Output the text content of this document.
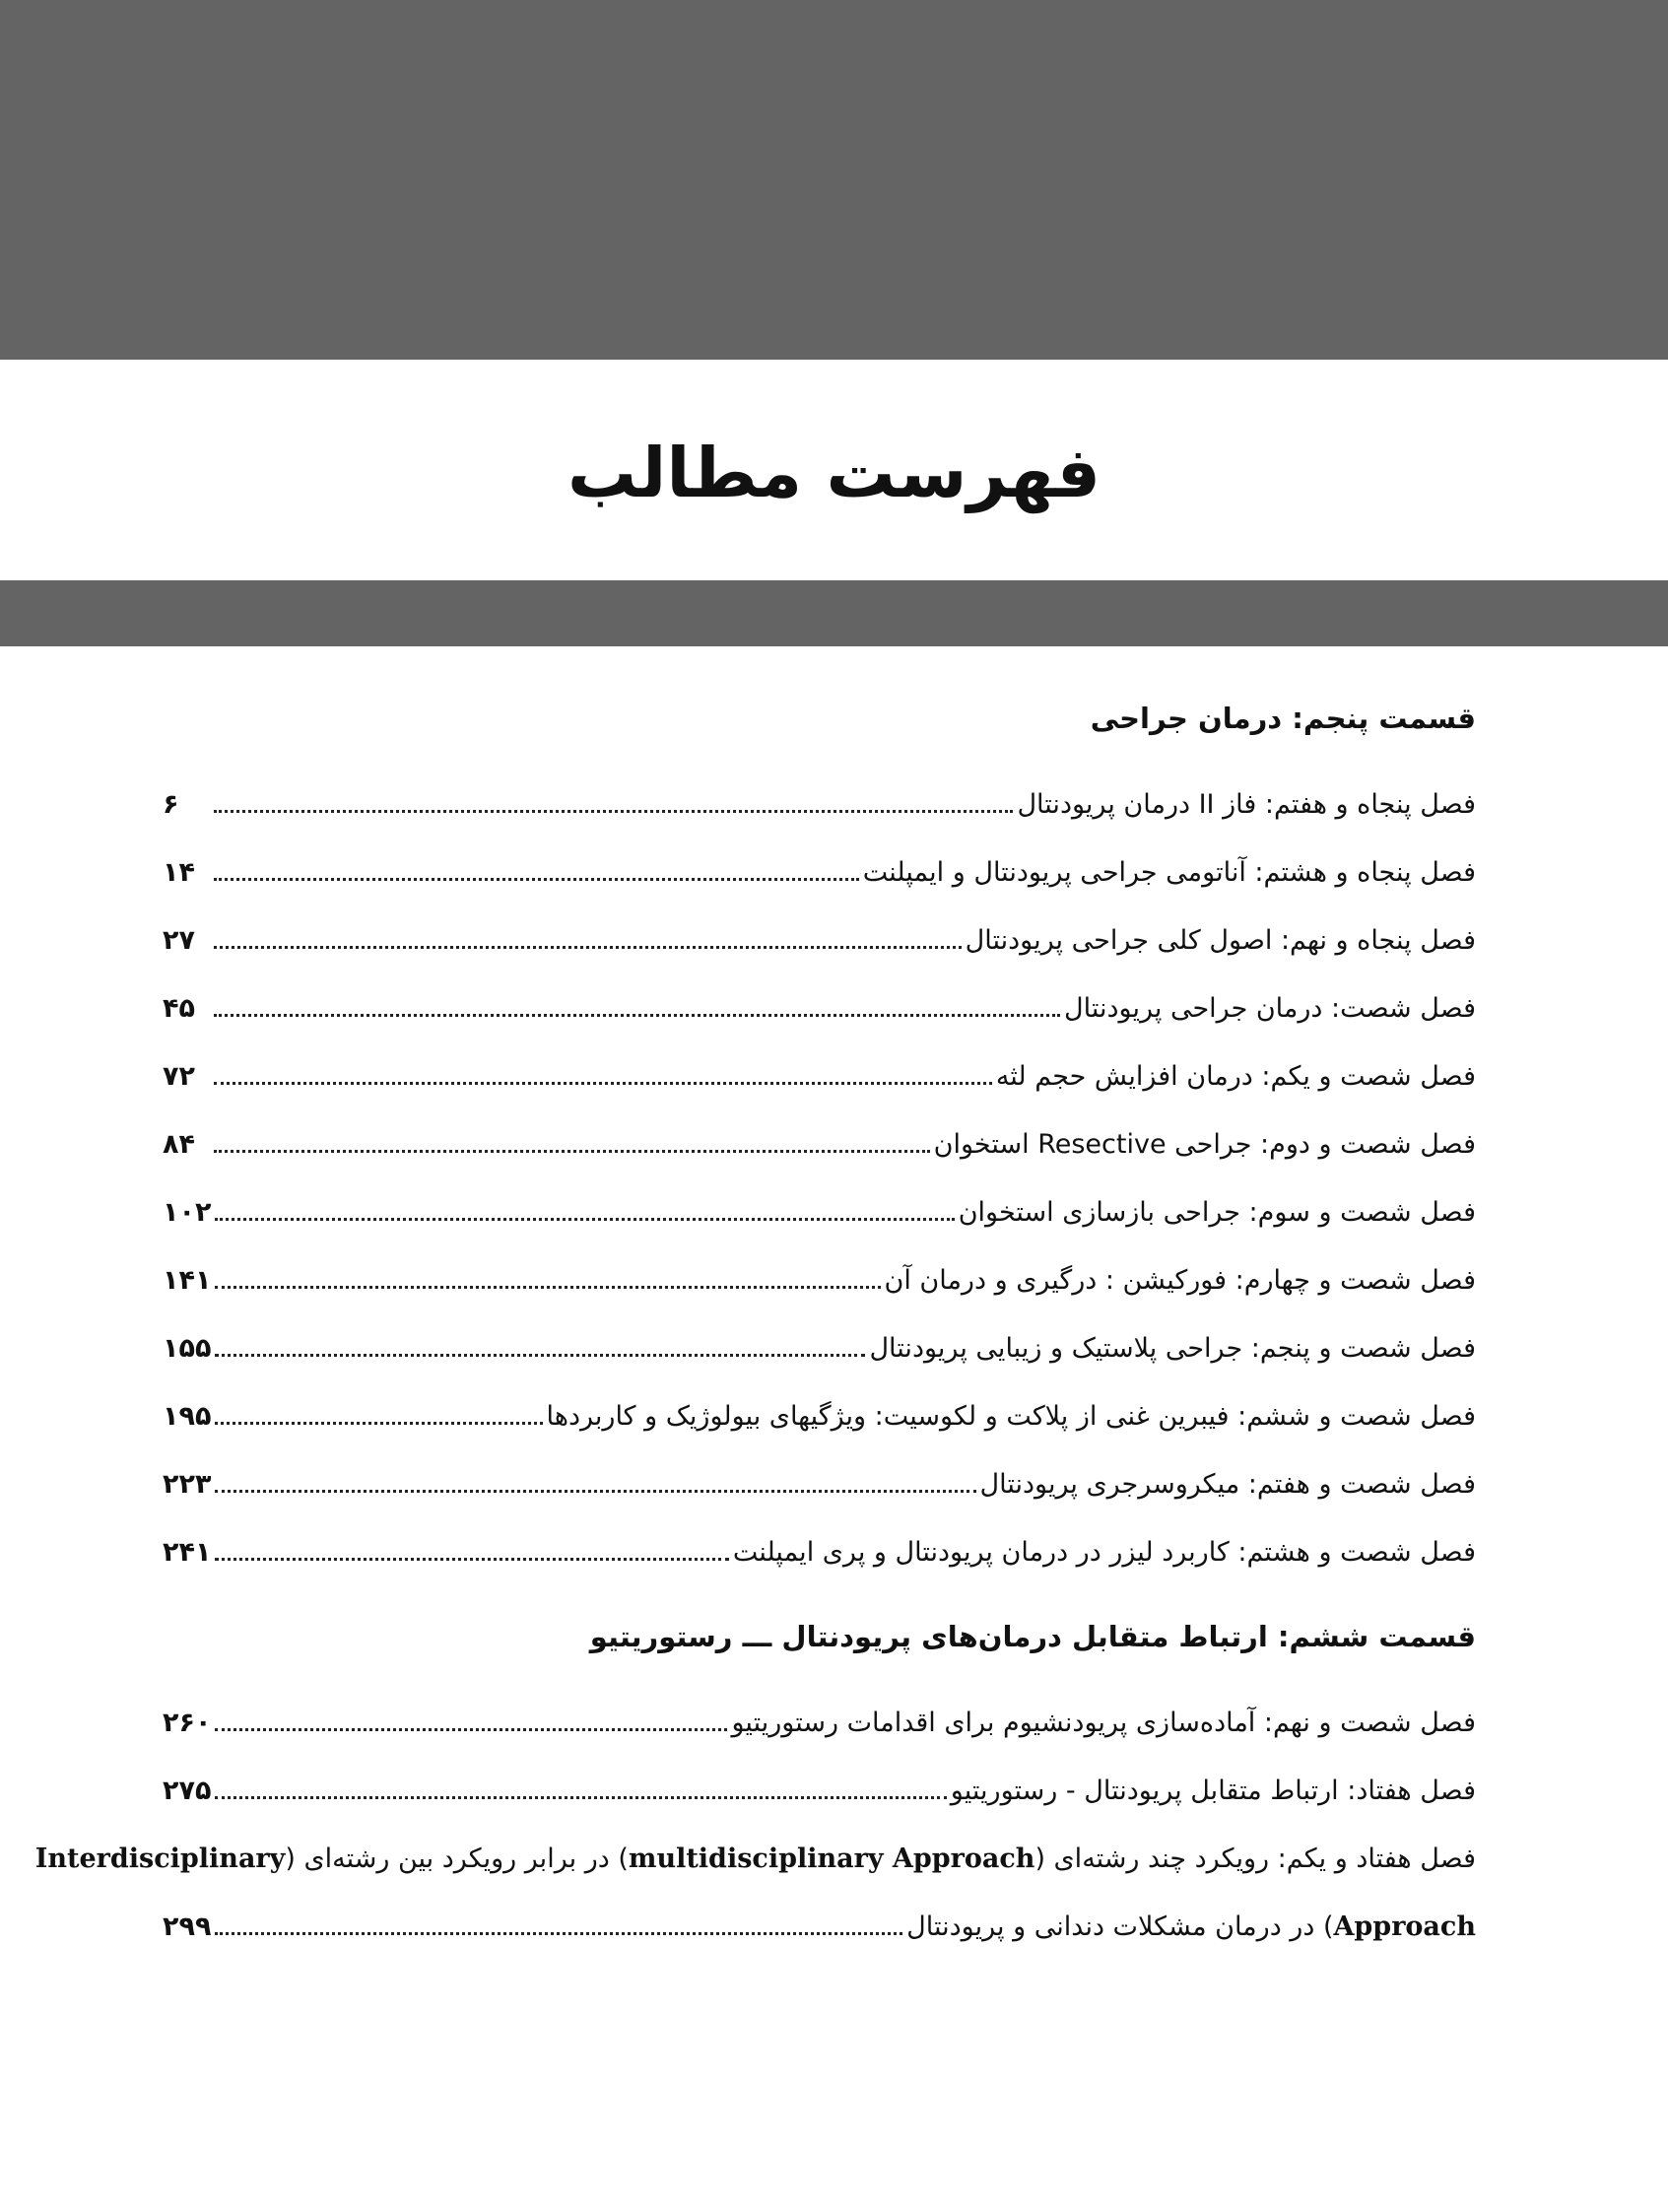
فهرست مطالب
قسمت پنجم: درمان جراحی
فصل پنجاه و هفتم: فاز II درمان پریودنتال
۶
فصل پنجاه و هشتم: آناتومی جراحی پریودنتال و ایمپلنت
۱۴
فصل پنجاه و نهم: اصول کلی جراحی پریودنتال
۲۷
فصل شصت: درمان جراحی پریودنتال
۴۵
فصل شصت و یکم: درمان افزایش حجم لثه
۷۲
فصل شصت و دوم: جراحی Resective استخوان
۸۴
فصل شصت و سوم: جراحی بازسازی استخوان
۱۰۲
فصل شصت و چهارم: فورکیشن : درگیری و درمان آن
۱۴۱
فصل شصت و پنجم: جراحی پلاستیک و زیبایی پریودنتال
۱۵۵
فصل شصت و ششم: فیبرین غنی از پلاکت و لکوسیت: ویژگیهای بیولوژیک و کاربردها
۱۹۵
فصل شصت و هفتم: میکروسرجری پریودنتال
۲۲۳
فصل شصت و هشتم: کاربرد لیزر در درمان پریودنتال و پری ایمپلنت
۲۴۱
قسمت ششم: ارتباط متقابل درمان‌های پریودنتال ـــ رستوریتیو
فصل شصت و نهم: آماده‌سازی پریودنشیوم برای اقدامات رستوریتیو
۲۶۰
فصل هفتاد: ارتباط متقابل پریودنتال - رستوریتیو
۲۷۵
فصل هفتاد و یکم: رویکرد چند رشته‌ای (multidisciplinary Approach) در برابر رویکرد بین رشته‌ای (Interdisciplinary
Approach) در درمان مشکلات دندانی و پریودنتال
۲۹۹
